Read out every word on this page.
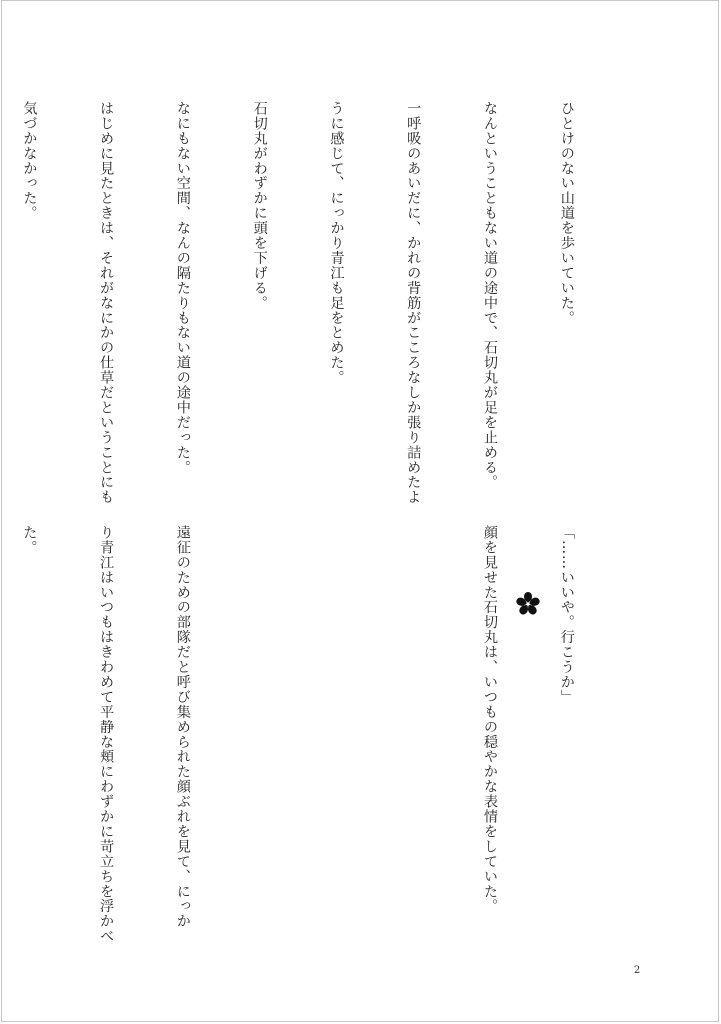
ひとけのない山道を歩いていた。

なんということもない道の途中で、石切丸が足を止める。

一呼吸のあいだに、かれの背筋がこころなしか張り詰めたよ

うに感じて、にっかり青江も足をとめた。

石切丸がわずかに頭を下げる。

なにもない空間、なんの隔たりもない道の途中だった。

はじめに見たときは、それがなにかの仕草だということにも

気づかなかった。

「……いいや。行こうか」

顔を見せた石切丸は、いつもの穏やかな表情をしていた。

遠征のための部隊だと呼び集められた顔ぶれを見て、にっか

り青江はいつもはきわめて平静な頬にわずかに苛立ちを浮かべ

た。

2
